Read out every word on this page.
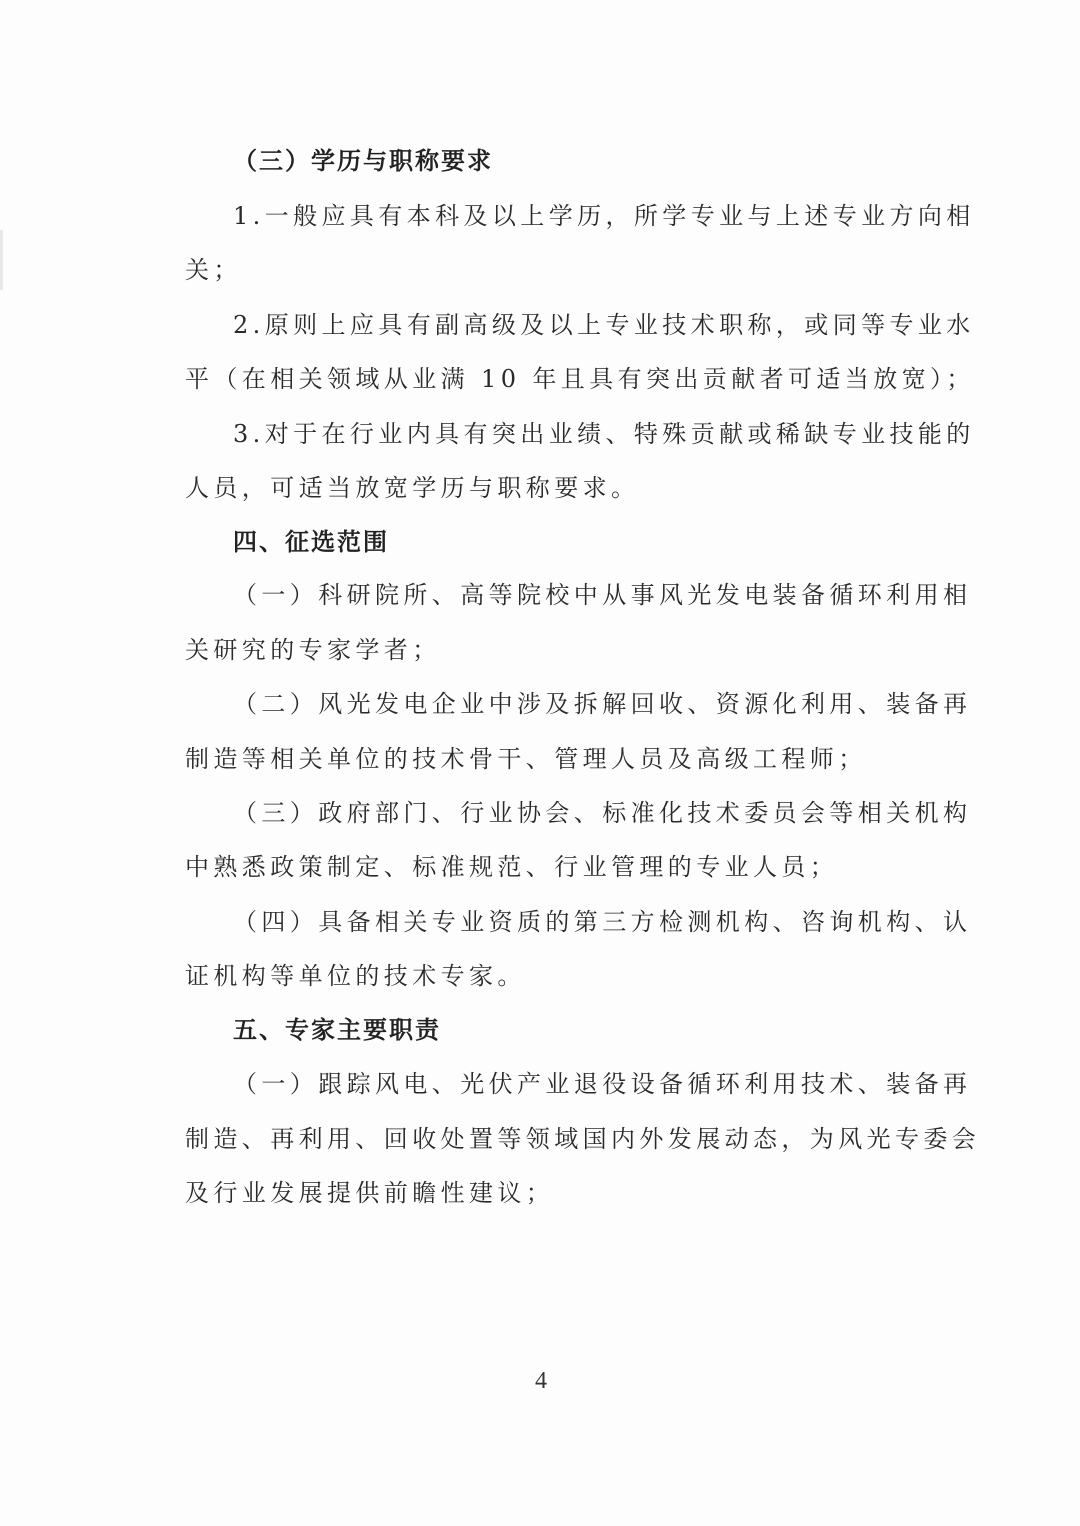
（三）学历与职称要求
1.一般应具有本科及以上学历，所学专业与上述专业方向相
关；
2.原则上应具有副高级及以上专业技术职称，或同等专业水
平（在相关领域从业满 10 年且具有突出贡献者可适当放宽）；
3.对于在行业内具有突出业绩、特殊贡献或稀缺专业技能的
人员，可适当放宽学历与职称要求。
四、征选范围
（一）科研院所、高等院校中从事风光发电装备循环利用相
关研究的专家学者；
（二）风光发电企业中涉及拆解回收、资源化利用、装备再
制造等相关单位的技术骨干、管理人员及高级工程师；
（三）政府部门、行业协会、标准化技术委员会等相关机构
中熟悉政策制定、标准规范、行业管理的专业人员；
（四）具备相关专业资质的第三方检测机构、咨询机构、认
证机构等单位的技术专家。
五、专家主要职责
（一）跟踪风电、光伏产业退役设备循环利用技术、装备再
制造、再利用、回收处置等领域国内外发展动态，为风光专委会
及行业发展提供前瞻性建议；
4
